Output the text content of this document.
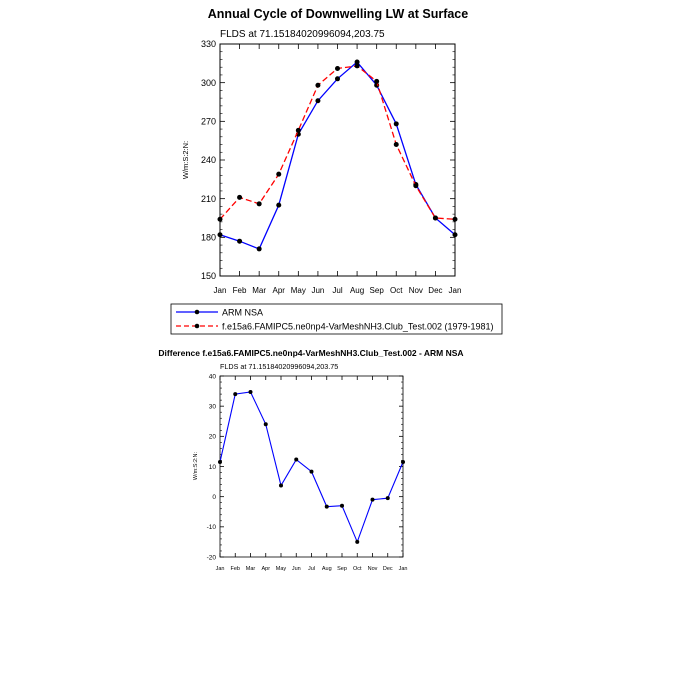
Annual Cycle of Downwelling LW at Surface
FLDS at 71.15184020996094,203.75
W/m:S:2:N:
150
180
210
240
270
300
330
Jan Feb Mar Apr May Jun Jul Aug Sep Oct Nov Dec Jan
ARM NSA
f.e15a6.FAMIPC5.ne0np4-VarMeshNH3.Club_Test.002 (1979-1981)
Difference f.e15a6.FAMIPC5.ne0np4-VarMeshNH3.Club_Test.002 - ARM NSA
FLDS at 71.15184020996094,203.75
W/m:S:2:N:
-20
-10
0
10
20
30
40
Jan Feb Mar Apr May Jun Jul Aug Sep Oct Nov Dec Jan
